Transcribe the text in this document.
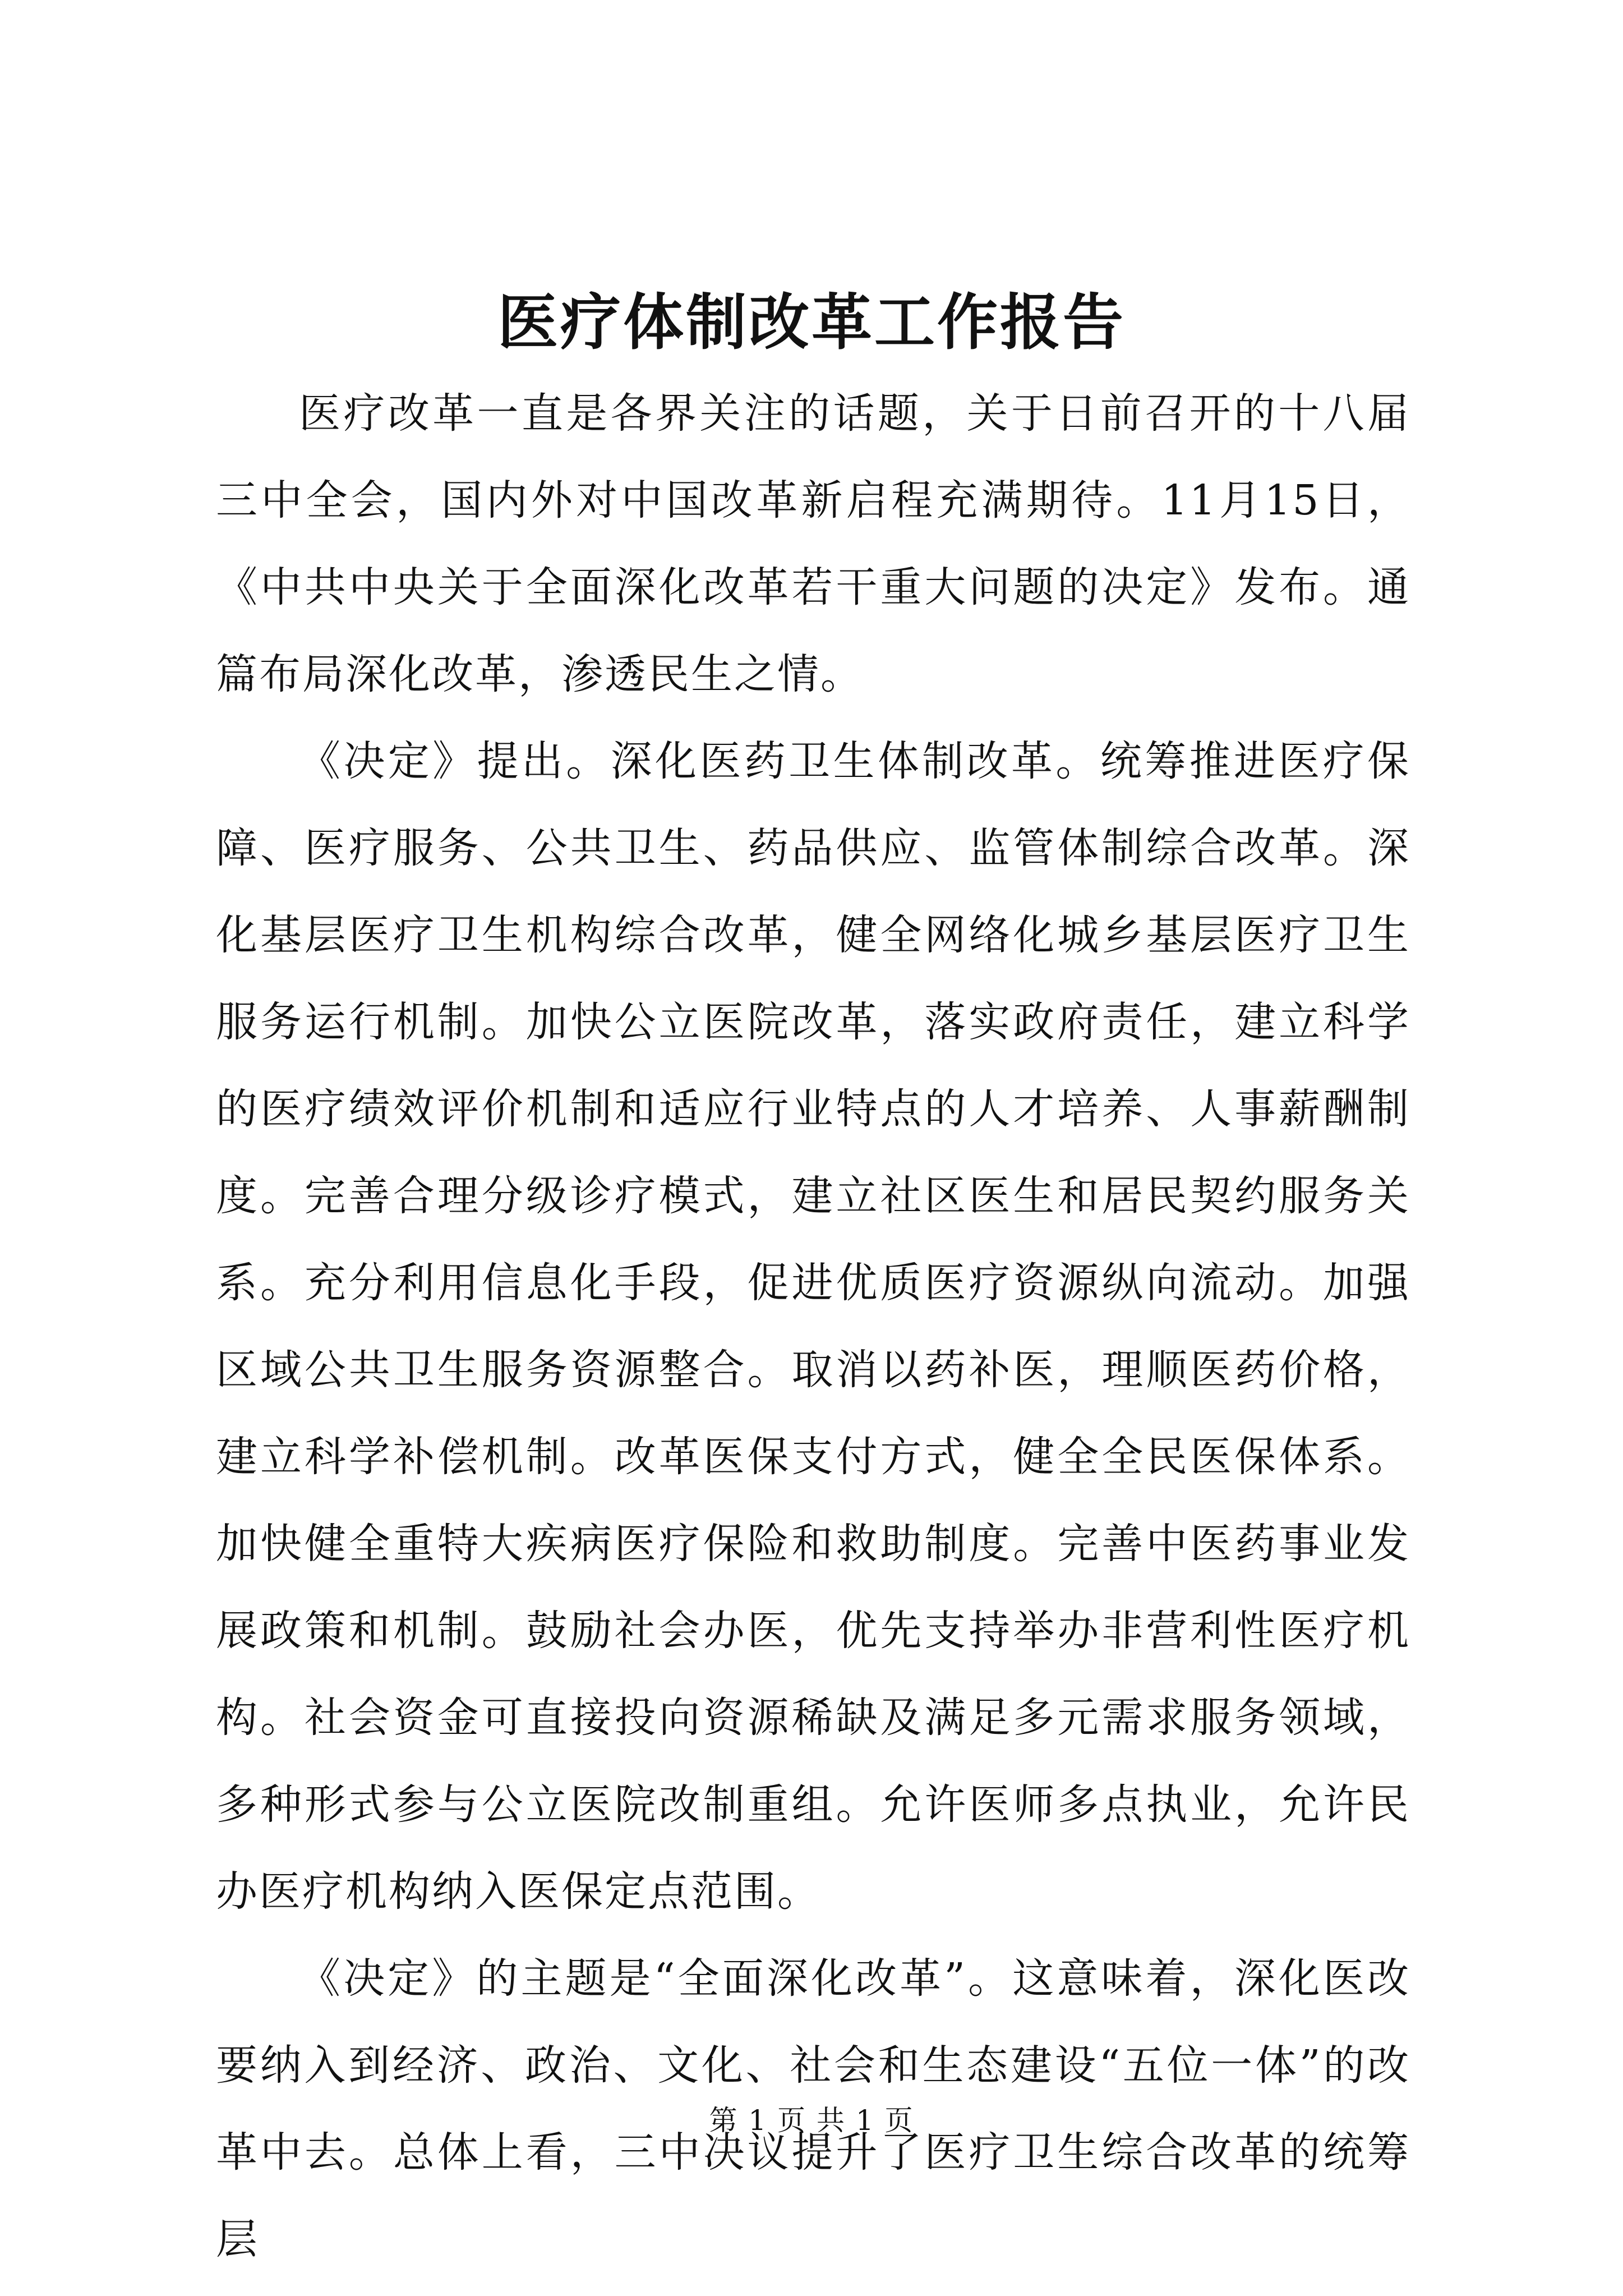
医疗体制改革工作报告

医疗改革一直是各界关注的话题，关于日前召开的十八届三中全会，国内外对中国改革新启程充满期待。11月15日，《中共中央关于全面深化改革若干重大问题的决定》发布。通篇布局深化改革，渗透民生之情。

《决定》提出。深化医药卫生体制改革。统筹推进医疗保障、医疗服务、公共卫生、药品供应、监管体制综合改革。深化基层医疗卫生机构综合改革，健全网络化城乡基层医疗卫生服务运行机制。加快公立医院改革，落实政府责任，建立科学的医疗绩效评价机制和适应行业特点的人才培养、人事薪酬制度。完善合理分级诊疗模式，建立社区医生和居民契约服务关系。充分利用信息化手段，促进优质医疗资源纵向流动。加强区域公共卫生服务资源整合。取消以药补医，理顺医药价格，建立科学补偿机制。改革医保支付方式，健全全民医保体系。加快健全重特大疾病医疗保险和救助制度。完善中医药事业发展政策和机制。鼓励社会办医，优先支持举办非营利性医疗机构。社会资金可直接投向资源稀缺及满足多元需求服务领域，多种形式参与公立医院改制重组。允许医师多点执业，允许民办医疗机构纳入医保定点范围。

《决定》的主题是“全面深化改革”。这意味着，深化医改要纳入到经济、政治、文化、社会和生态建设“五位一体”的改革中去。总体上看，三中决议提升了医疗卫生综合改革的统筹层

第 1 页 共 1 页
